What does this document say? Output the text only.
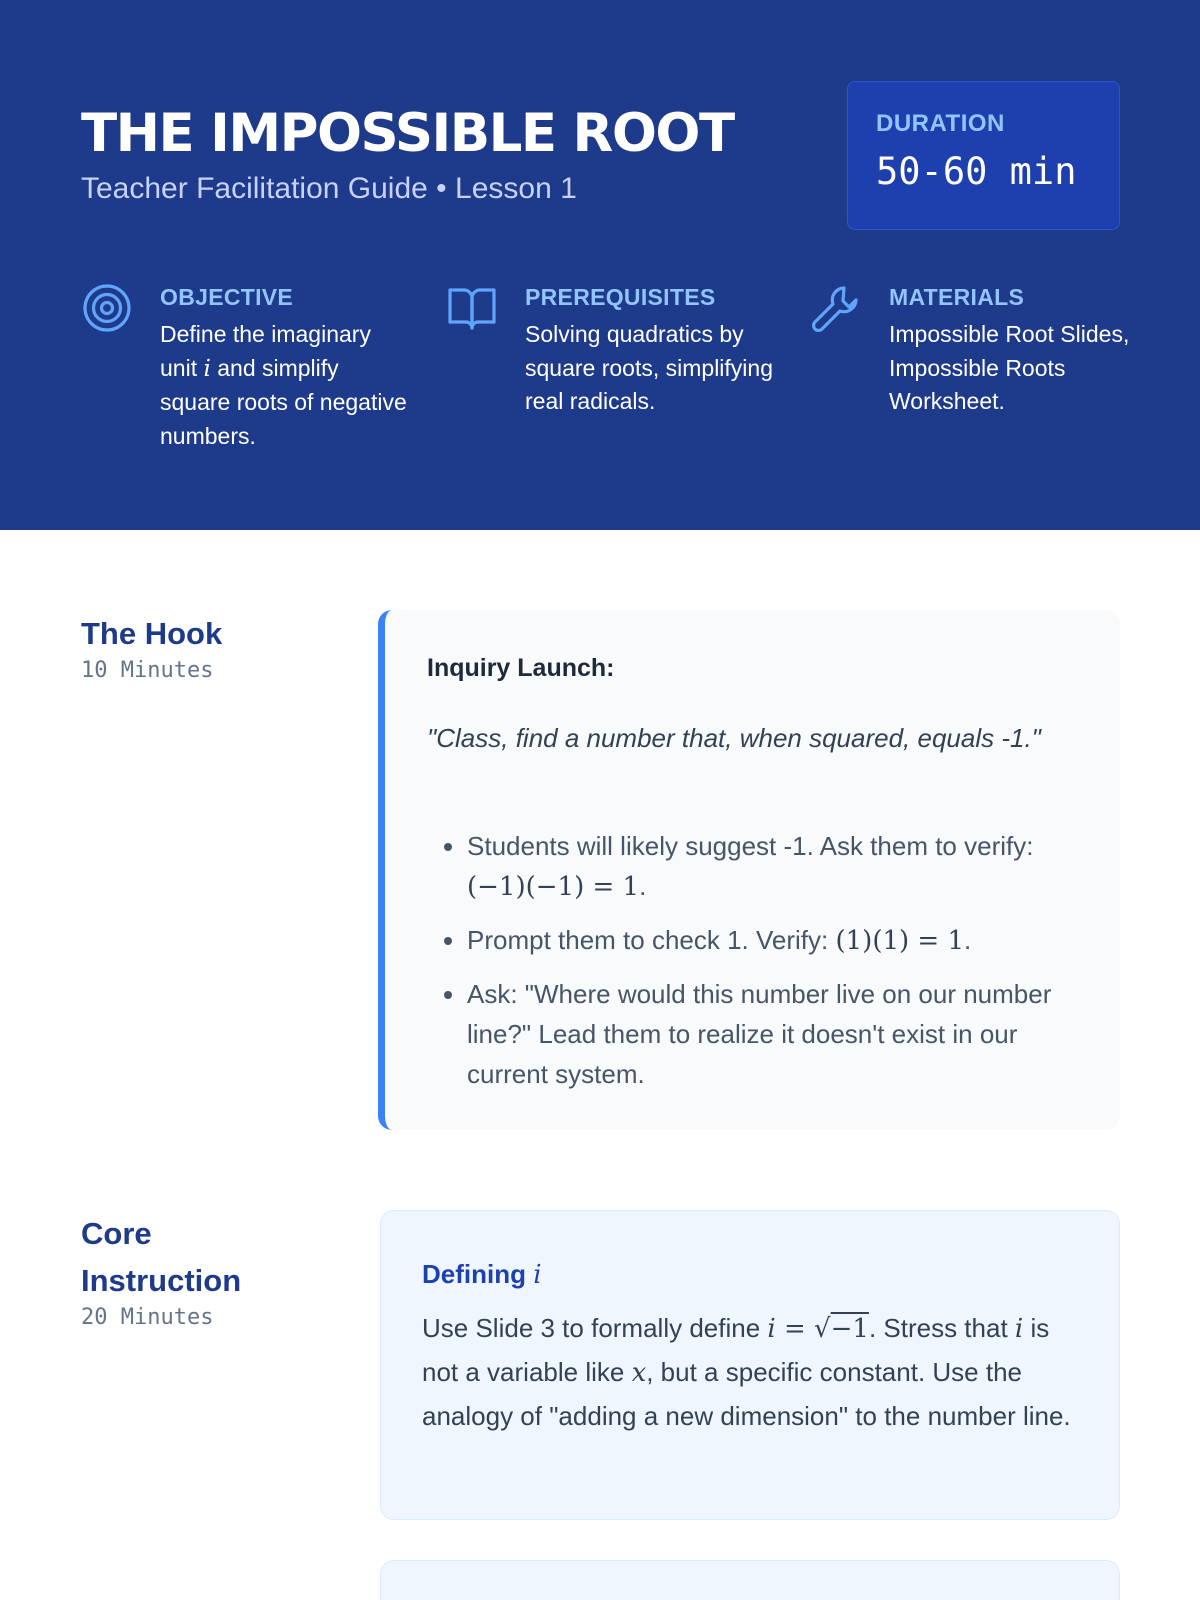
THE IMPOSSIBLE ROOT
Teacher Facilitation Guide • Lesson 1
DURATION
50-60 min
OBJECTIVE
Define the imaginary unit i and simplify square roots of negative numbers.
PREREQUISITES
Solving quadratics by square roots, simplifying real radicals.
MATERIALS
Impossible Root Slides, Impossible Roots Worksheet.
The Hook
10 Minutes	Inquiry Launch:
"Class, find a number that, when squared, equals -1."
• Students will likely suggest -1. Ask them to verify: (−1)(−1) = 1.
• Prompt them to check 1. Verify: (1)(1) = 1.
• Ask: "Where would this number live on our number line?" Lead them to realize it doesn't exist in our current system.
Core Instruction
20 Minutes
Defining i
Use Slide 3 to formally define i = √−1. Stress that i is not a variable like x, but a specific constant. Use the analogy of "adding a new dimension" to the number line.
